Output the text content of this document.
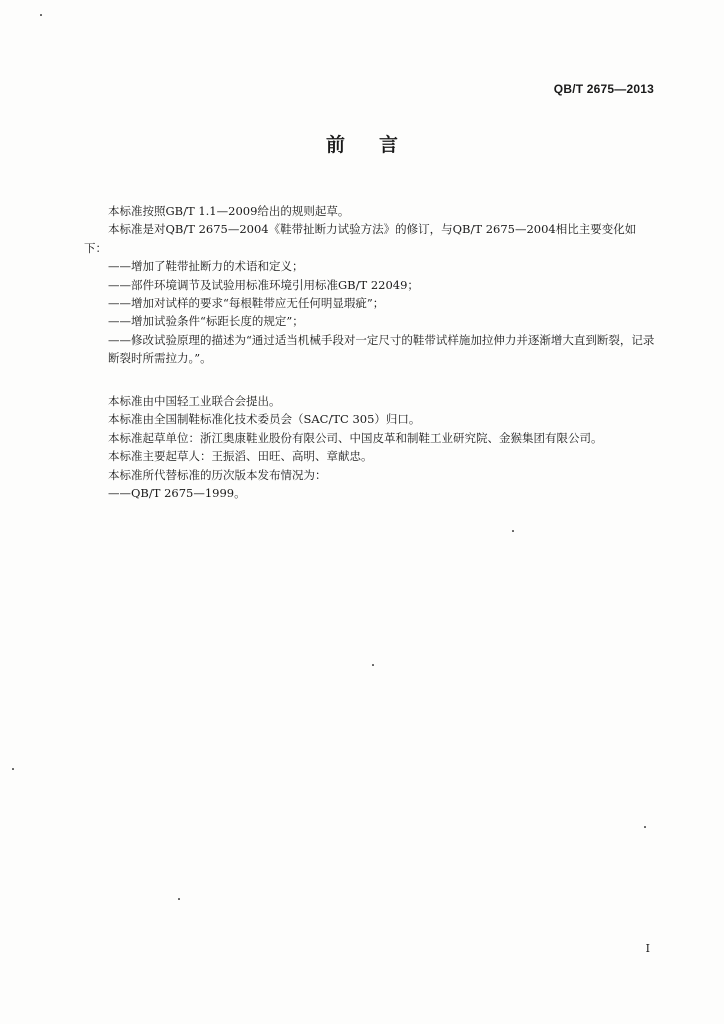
QB/T 2675—2013
前言

本标准按照GB/T 1.1—2009给出的规则起草。

本标准是对QB/T 2675—2004《鞋带扯断力试验方法》的修订，与QB/T 2675—2004相比主要变化如下：

——增加了鞋带扯断力的术语和定义；

——部件环境调节及试验用标准环境引用标准GB/T 22049；

——增加对试样的要求“每根鞋带应无任何明显瑕疵”；

——增加试验条件“标距长度的规定”；

——修改试验原理的描述为“通过适当机械手段对一定尺寸的鞋带试样施加拉伸力并逐渐增大直到断裂，记录断裂时所需拉力。”。

本标准由中国轻工业联合会提出。

本标准由全国制鞋标准化技术委员会（SAC/TC 305）归口。

本标准起草单位：浙江奥康鞋业股份有限公司、中国皮革和制鞋工业研究院、金猴集团有限公司。

本标准主要起草人：王振滔、田旺、高明、章献忠。

本标准所代替标准的历次版本发布情况为：

——QB/T 2675—1999。

I
